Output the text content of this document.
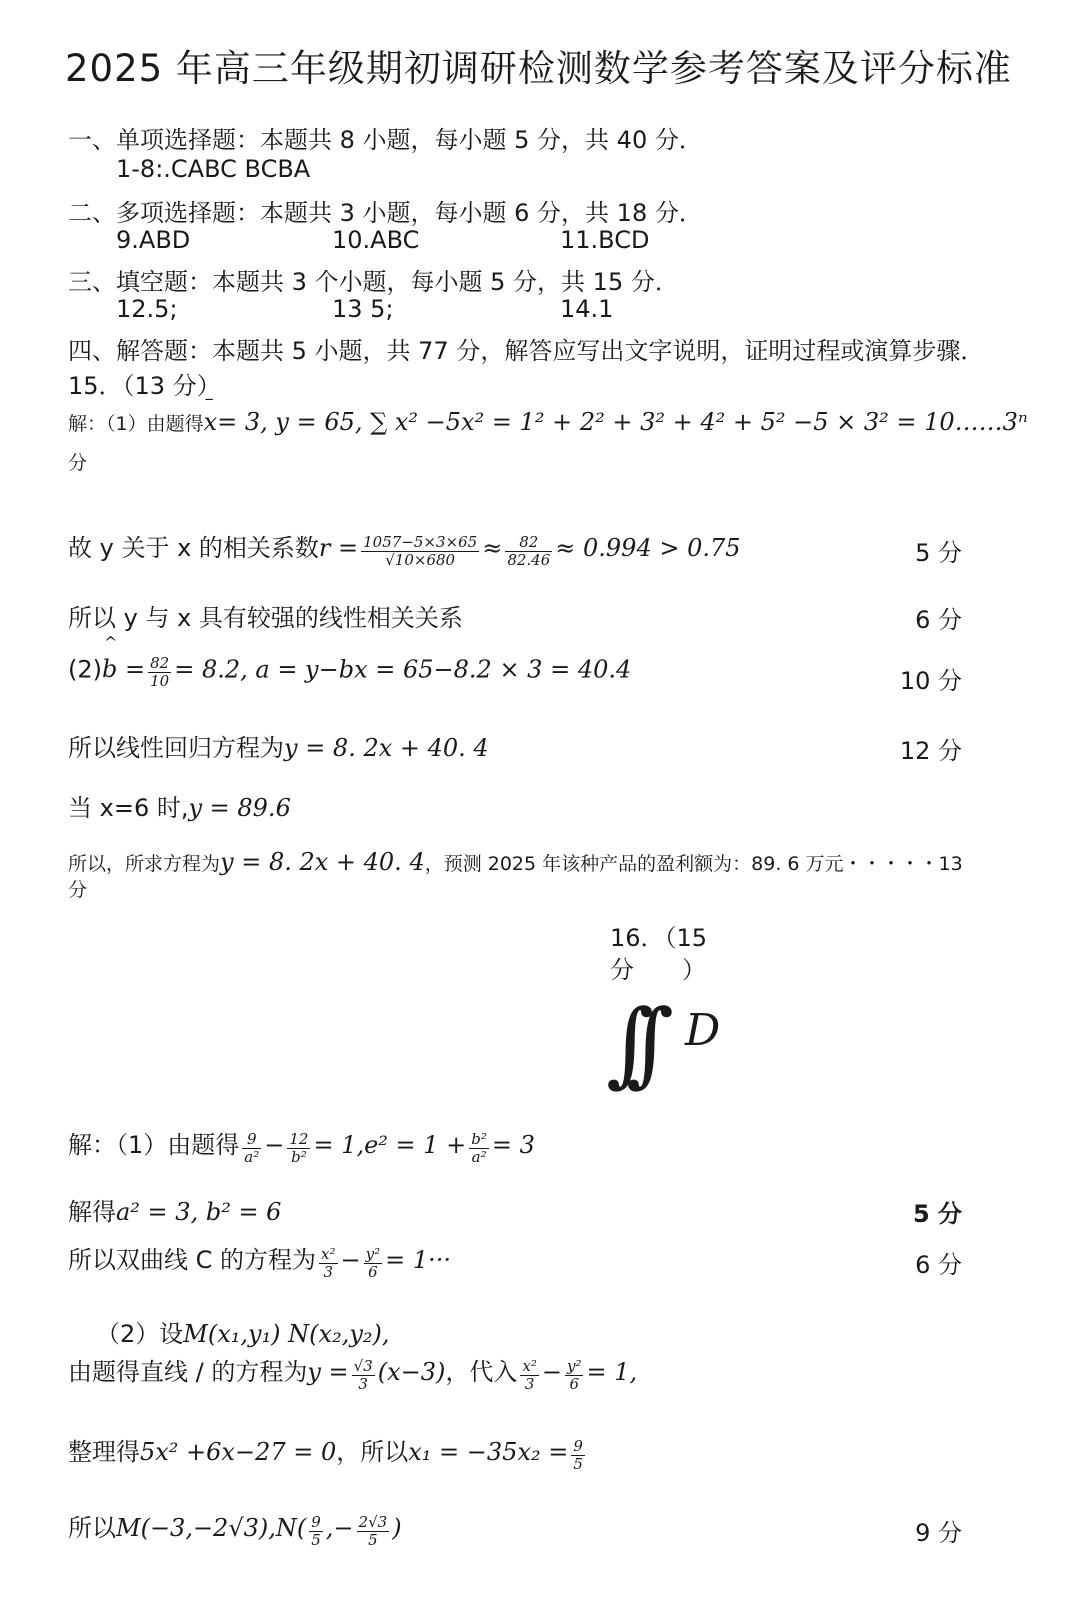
2025 年高三年级期初调研检测数学参考答案及评分标准
一、单项选择题：本题共 8 小题，每小题 5 分，共 40 分．
1-8:.CABC BCBA
二、多项选择题：本题共 3 小题，每小题 6 分，共 18 分．
9.ABD	10.ABC	11.BCD
三、填空题：本题共 3 个小题，每小题 5 分，共 15 分．
12.5;	13 5;	14.1
四、解答题：本题共 5 小题，共 77 分，解答应写出文字说明，证明过程或演算步骤．
15．（13 分）
解：（1）由题得– x= 3, y = 65, ∑ x² −5x² = 1² + 2² + 3² + 4² + 5² −5 × 3² = 10……3ⁿ
分
故 y 关于 x 的相关系数$r = \frac{1057-5\times 3\times 65}{√10\times 680} \approx \frac{82}{82.46} \approx 0.994 > 0.75$	5 分
所以 y 与 x 具有较强的线性相关关系	6 分
(2)^ $b = \frac{82}{10} = 8.2$, a = y−bx = 65−8.2 × 3 = 40.4	10 分
所以线性回归方程为y = 8. 2x + 40. 4	12 分
当 x=6 时,y = 89.6
所以，所求方程为y = 8. 2x + 40. 4，预测 2025 年该种产品的盈利额为：89. 6 万元・・・・・13
分
16．（15
分　　）
∫∫ D
解：（1）由题得 $\frac{9}{\text{a²}} - \frac{12}{\text{b²}} = 1,e^2 = 1 + \frac{\text{b²}}{\text{a²}} = 3$
解得a² = 3, b² = 6	5 分
所以双曲线 C 的方程为 $\frac{\text{x²}}{3} - \frac{\text{y²}}{6} = 1\cdot\cdot\cdot$	6 分
（2）设M(x₁,y₁) N(x₂,y₂),
由题得直线 / 的方程为$y = \frac{√3}{3} (x-3)$，代入 $\frac{\text{x²}}{3} - \frac{\text{y²}}{6} = 1$,
整理得5x² +6x−27 = 0，所以$x_1 = -35x_2 = \frac{9}{5}$
所以$M(-3,-2√3),N( \frac{9}{5}$ ,− $\frac{2√3}{5}$ )	9 分
